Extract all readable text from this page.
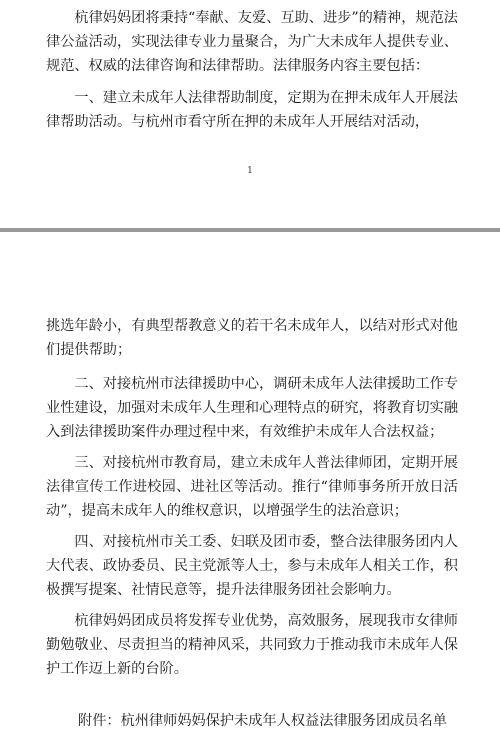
杭律妈妈团将秉持“奉献、友爱、互助、进步”的精神，规范法律公益活动，实现法律专业力量聚合，为广大未成年人提供专业、规范、权威的法律咨询和法律帮助。法律服务内容主要包括：

一、建立未成年人法律帮助制度，定期为在押未成年人开展法律帮助活动。与杭州市看守所在押的未成年人开展结对活动，

1

挑选年龄小，有典型帮教意义的若干名未成年人，以结对形式对他们提供帮助；

二、对接杭州市法律援助中心，调研未成年人法律援助工作专业性建设，加强对未成年人生理和心理特点的研究，将教育切实融入到法律援助案件办理过程中来，有效维护未成年人合法权益；

三、对接杭州市教育局，建立未成年人普法律师团，定期开展法律宣传工作进校园、进社区等活动。推行“律师事务所开放日活动”，提高未成年人的维权意识，以增强学生的法治意识；

四、对接杭州市关工委、妇联及团市委，整合法律服务团内人大代表、政协委员、民主党派等人士，参与未成年人相关工作，积极撰写提案、社情民意等，提升法律服务团社会影响力。

杭律妈妈团成员将发挥专业优势，高效服务，展现我市女律师勤勉敬业、尽责担当的精神风采，共同致力于推动我市未成年人保护工作迈上新的台阶。

附件：杭州律师妈妈保护未成年人权益法律服务团成员名单
